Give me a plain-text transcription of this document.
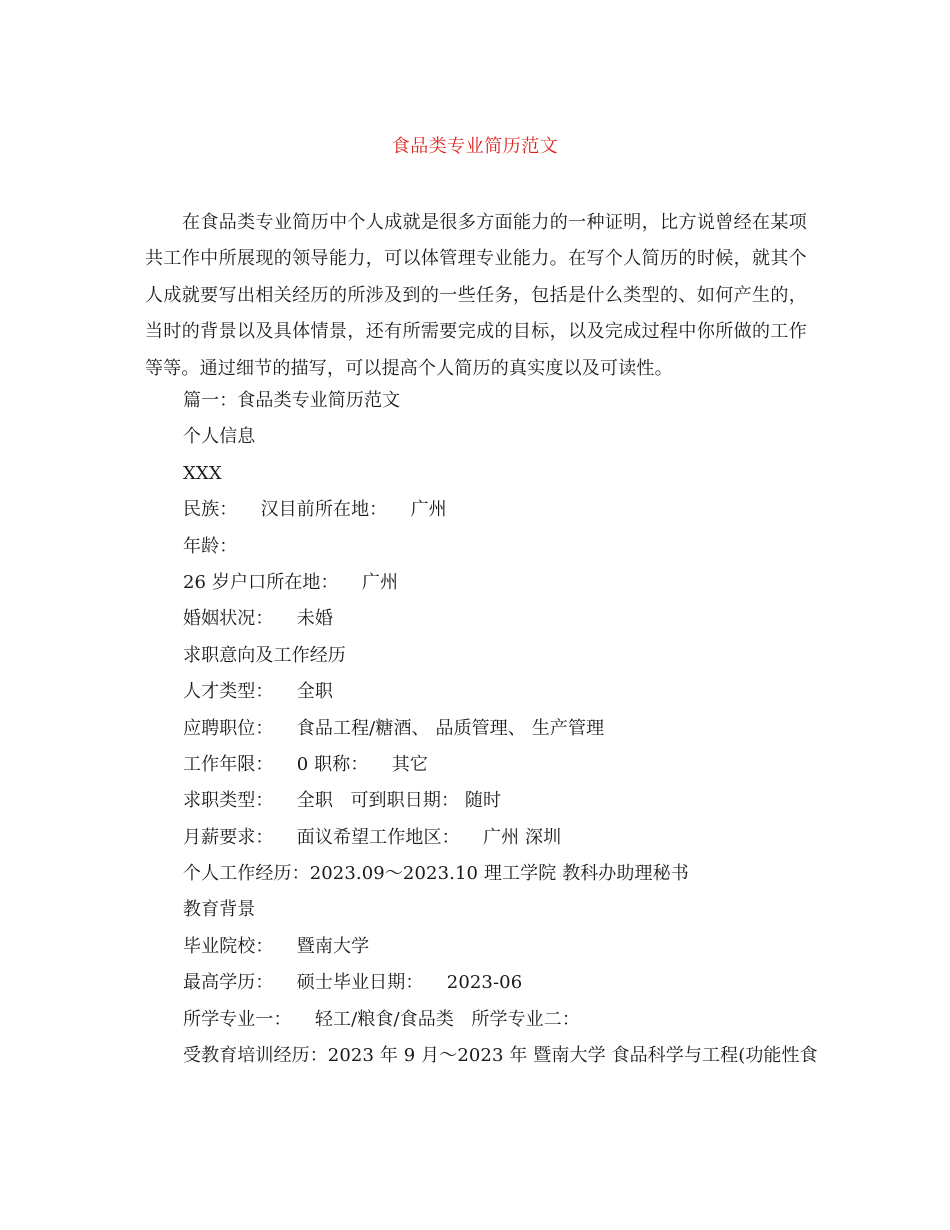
食品类专业简历范文

在食品类专业简历中个人成就是很多方面能力的一种证明，比方说曾经在某项共工作中所展现的领导能力，可以体管理专业能力。在写个人简历的时候，就其个人成就要写出相关经历的所涉及到的一些任务，包括是什么类型的、如何产生的，当时的背景以及具体情景，还有所需要完成的目标，以及完成过程中你所做的工作等等。通过细节的描写，可以提高个人简历的真实度以及可读性。

篇一：食品类专业简历范文
个人信息
XXX
民族：    汉目前所在地：    广州
年龄：
26 岁户口所在地：    广州
婚姻状况：    未婚
求职意向及工作经历
人才类型：    全职
应聘职位：    食品工程/糖酒、 品质管理、 生产管理
工作年限：    0 职称：    其它
求职类型：    全职   可到职日期： 随时
月薪要求：    面议希望工作地区：    广州 深圳
个人工作经历：2023.09～2023.10 理工学院 教科办助理秘书
教育背景
毕业院校：    暨南大学
最高学历：    硕士毕业日期：    2023-06
所学专业一：    轻工/粮食/食品类   所学专业二：
受教育培训经历：2023 年 9 月～2023 年 暨南大学 食品科学与工程(功能性食
